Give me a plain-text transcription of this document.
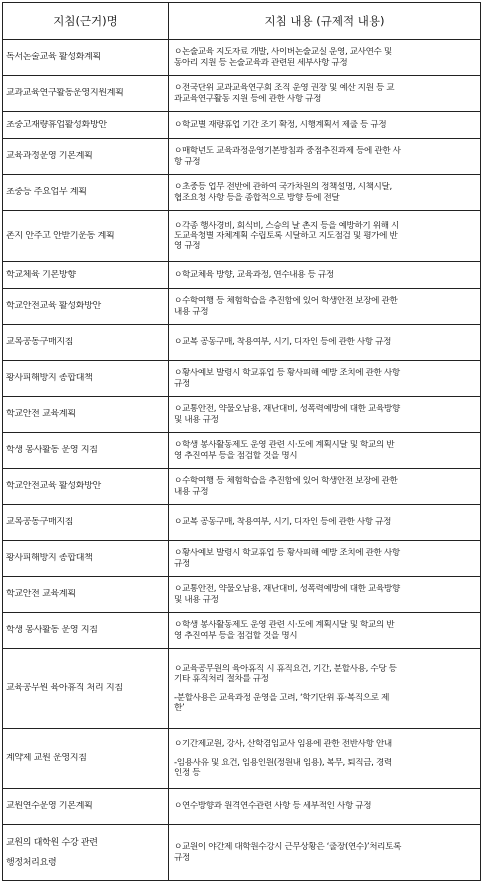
지침(근거)명	지침 내용 (규제적 내용)

독서논술교육 활성화계획	ㅇ논술교육 지도자료 개발, 사이버논술교실 운영, 교사연수 및
동아리 지원 등 논술교육과 관련된 세부사항 규정

교과교육연구활동운영지원계획	ㅇ전국단위 교과교육연구회 조직 운영 권장 및 예산 지원 등 교
과교육연구활동 지원 등에 관한 사항 규정

초중고재량휴업활성화방안	ㅇ학교별 재량휴업 기간 조기 확정, 시행계획서 제출 등 규정

교육과정운영 기본계획	ㅇ매학년도 교육과정운영기본방침과 중점추진과제 등에 관한 사
항 규정

초중등 주요업무 계획	ㅇ초중등 업무 전반에 관하여 국가차원의 정책설명, 시책시달,
협조요청 사항 등을 종합적으로 방향 등에 전달

촌지 안주고 안받기운동 계획	ㅇ각종 행사경비, 회식비, 스승의 날 촌지 등을 예방하기 위해 시
도교육청별 자체계획 수립토록 시달하고 지도점검 및 평가에 반
영 규정

학교체육 기본방향	ㅇ학교체육 방향, 교육과정, 연수내용 등 규정

학교안전교육 활성화방안	ㅇ수학여행 등 체험학습을 추진함에 있어 학생안전 보장에 관한
내용 규정

교복공동구매지침	ㅇ교복 공동구매, 착용여부, 시기, 디자인 등에 관한 사항 규정

황사피해방지 종합대책	ㅇ황사예보 발령시 학교휴업 등 황사피해 예방 조치에 관한 사항
규정

학교안전 교육계획	ㅇ교통안전, 약물오남용, 재난대비, 성폭력예방에 대한 교육방향
및 내용 규정

학생 봉사활동 운영 지침	ㅇ학생 봉사활동제도 운영 관련 시·도에 계획시달 및 학교의 반
영 추진여부 등을 점검할 것을 명시

학교안전교육 활성화방안	ㅇ수학여행 등 체험학습을 추진함에 있어 학생안전 보장에 관한
내용 규정

교복공동구매지침	ㅇ교복 공동구매, 착용여부, 시기, 디자인 등에 관한 사항 규정

황사피해방지 종합대책	ㅇ황사예보 발령시 학교휴업 등 황사피해 예방 조치에 관한 사항
규정

학교안전 교육계획	ㅇ교통안전, 약물오남용, 재난대비, 성폭력예방에 대한 교육방향
및 내용 규정

학생 봉사활동 운영 지침	ㅇ학생 봉사활동제도 운영 관련 시·도에 계획시달 및 학교의 반
영 추진여부 등을 점검할 것을 명시

교육공무원 육아휴직 처리 지침	ㅇ교육공무원의 육아휴직 시 휴직요건, 기간, 분할사용, 수당 등
기타 휴직처리 절차를 규정
-분할사용은 교육과정 운영을 고려, ‘학기단위 휴·복직으로 제
한’

계약제 교원 운영지침	ㅇ기간제교원, 강사, 산학겸임교사 임용에 관한 전반사항 안내
-임용사유 및 요건, 임용인원(정원내 임용), 복무, 퇴직금, 경력
인정 등

교원연수운영 기본계획	ㅇ연수방향과 원격연수관련 사항 등 세부적인 사항 규정

교원의 대학원 수강 관련
행정처리요령	ㅇ교원이 야간제 대학원수강시 근무상황은 ‘출장(연수)’처리토록
규정
